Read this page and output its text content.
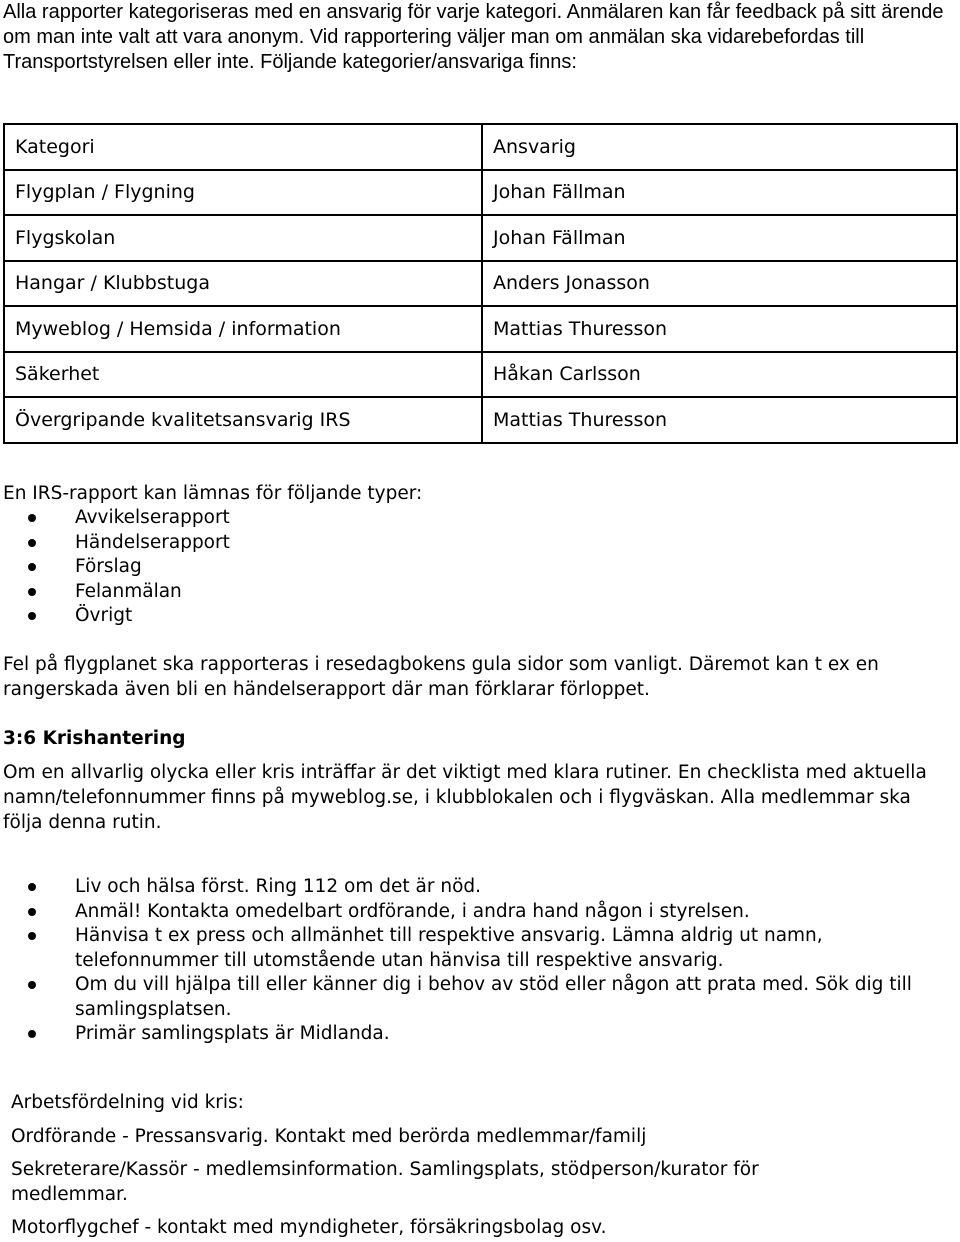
Alla rapporter kategoriseras med en ansvarig för varje kategori. Anmälaren kan får feedback på sitt ärende om man inte valt att vara anonym. Vid rapportering väljer man om anmälan ska vidarebefordas till Transportstyrelsen eller inte. Följande kategorier/ansvariga finns:
Kategori	Ansvarig
Flygplan / Flygning	Johan Fällman
Flygskolan	Johan Fällman
Hangar / Klubbstuga	Anders Jonasson
Myweblog / Hemsida / information	Mattias Thuresson
Säkerhet	Håkan Carlsson
Övergripande kvalitetsansvarig IRS	Mattias Thuresson
En IRS-rapport kan lämnas för följande typer:
Avvikelserapport
Händelserapport
Förslag
Felanmälan
Övrigt
Fel på flygplanet ska rapporteras i resedagbokens gula sidor som vanligt. Däremot kan t ex en rangerskada även bli en händelserapport där man förklarar förloppet.
3:6 Krishantering
Om en allvarlig olycka eller kris inträffar är det viktigt med klara rutiner. En checklista med aktuella namn/telefonnummer finns på myweblog.se, i klubblokalen och i flygväskan. Alla medlemmar ska följa denna rutin.
Liv och hälsa först. Ring 112 om det är nöd.
Anmäl! Kontakta omedelbart ordförande, i andra hand någon i styrelsen.
Hänvisa t ex press och allmänhet till respektive ansvarig. Lämna aldrig ut namn, telefonnummer till utomstående utan hänvisa till respektive ansvarig.
Om du vill hjälpa till eller känner dig i behov av stöd eller någon att prata med. Sök dig till samlingsplatsen.
Primär samlingsplats är Midlanda.
Arbetsfördelning vid kris:
Ordförande - Pressansvarig. Kontakt med berörda medlemmar/familj
Sekreterare/Kassör - medlemsinformation. Samlingsplats, stödperson/kurator för medlemmar.
Motorflygchef - kontakt med myndigheter, försäkringsbolag osv.
